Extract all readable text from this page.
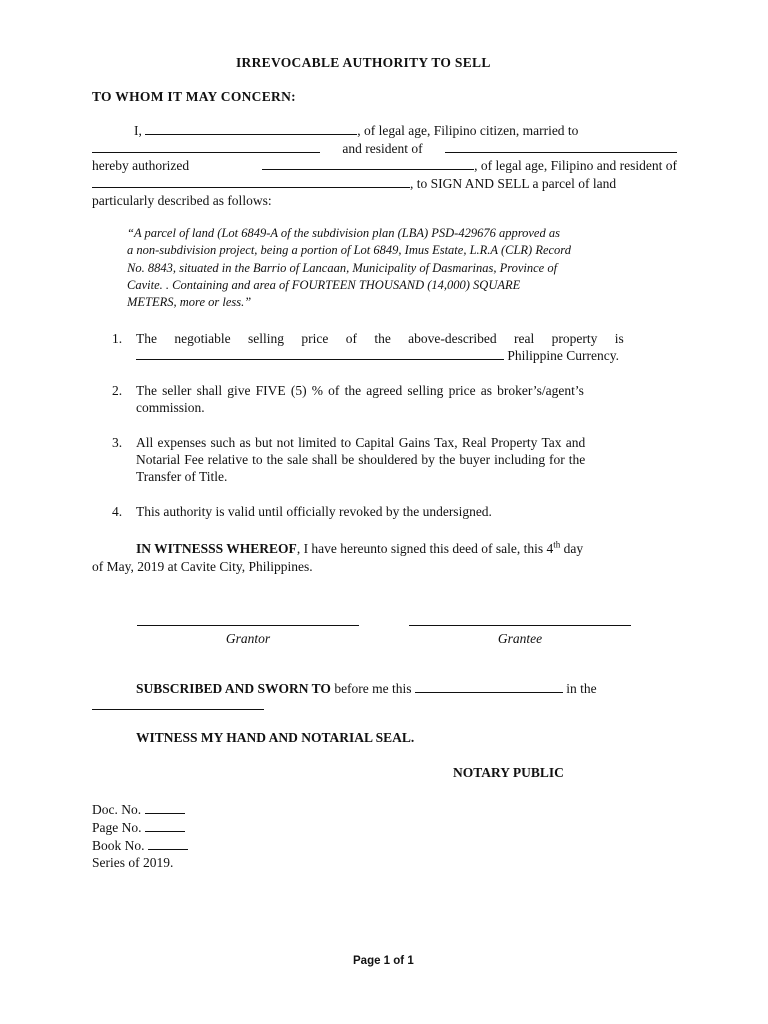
IRREVOCABLE AUTHORITY TO SELL
TO WHOM IT MAY CONCERN:
I,	, of legal age, Filipino citizen, married to
and resident of
hereby authorized	, of legal age, Filipino and resident of
, to SIGN AND SELL a parcel of land
particularly described as follows:
“A parcel of land (Lot 6849-A of the subdivision plan (LBA) PSD-429676 approved as
a non-subdivision project, being a portion of Lot 6849, Imus Estate, L.R.A (CLR) Record
No. 8843, situated in the Barrio of Lancaan, Municipality of Dasmarinas, Province of
Cavite. . Containing and area of FOURTEEN THOUSAND (14,000) SQUARE
METERS, more or less.”
1. The negotiable selling price of the above-described real property is
Philippine Currency.
2. The seller shall give FIVE (5) % of the agreed selling price as broker’s/agent’s
commission.
3. All expenses such as but not limited to Capital Gains Tax, Real Property Tax and
Notarial Fee relative to the sale shall be shouldered by the buyer including for the
Transfer of Title.
4. This authority is valid until officially revoked by the undersigned.
IN WITNESSS WHEREOF, I have hereunto signed this deed of sale, this 4th day
of May, 2019 at Cavite City, Philippines.
Grantor	Grantee
SUBSCRIBED AND SWORN TO before me this	in the
WITNESS MY HAND AND NOTARIAL SEAL.
NOTARY PUBLIC
Doc. No.
Page No.
Book No.
Series of 2019.
Page 1 of 1
